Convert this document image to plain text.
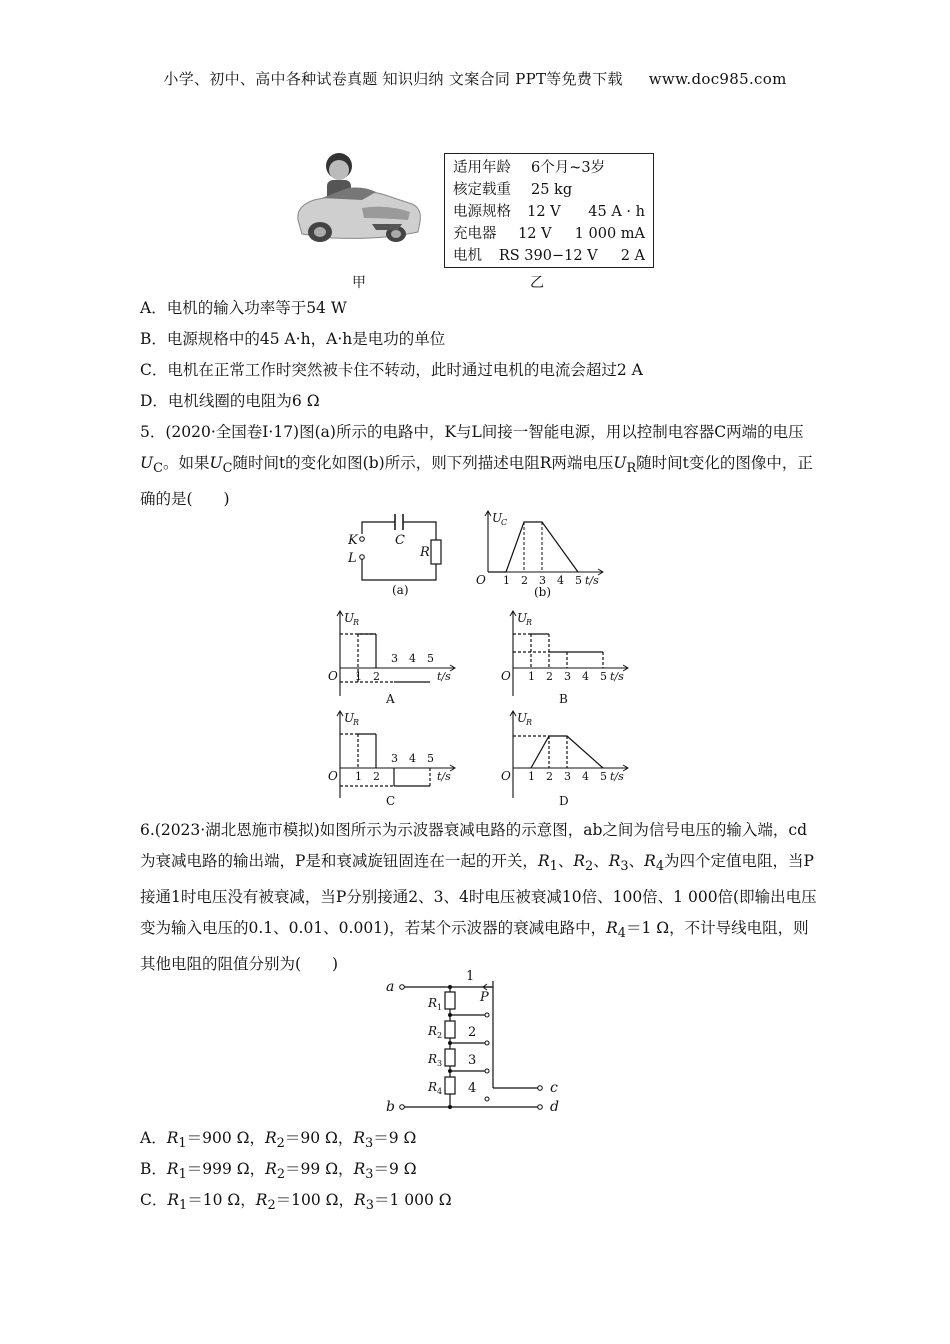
小学、初中、高中各种试卷真题 知识归纳 文案合同 PPT等免费下载 www.doc985.com
甲	乙
适用年龄	6个月~3岁
核定载重	25 kg
电源规格	12 V      45 A · h
充电器	12 V     1 000 mA
电机	RS 390−12 V     2 A
A．电机的输入功率等于54 W
B．电源规格中的45 A·h，A·h是电功的单位
C．电机在正常工作时突然被卡住不转动，此时通过电机的电流会超过2 A
D．电机线圈的电阻为6 Ω
5．(2020·全国卷Ⅰ·17)图(a)所示的电路中，K与L间接一智能电源，用以控制电容器C两端的电压$U_C$。如果$U_C$随时间t的变化如图(b)所示，则下列描述电阻R两端电压$U_R$随时间t变化的图像中，正确的是(　　)
K
L
C
R
(a)
U
C
O 1 2 3 4 5 t/s
(b)
U
R
O 1 2
3 4 5
t/s
A
U
R
O 1 2 3 4 5 t/s
B
U
R
O 1 2
3 4 5
t/s
C
U
R
O 1 2 3 4 5 t/s
D
6.(2023·湖北恩施市模拟)如图所示为示波器衰减电路的示意图，ab之间为信号电压的输入端，cd为衰减电路的输出端，P是和衰减旋钮固连在一起的开关，$R_1$、$R_2$、$R_3$、$R_4$为四个定值电阻，当P接通1时电压没有被衰减，当P分别接通2、3、4时电压被衰减10倍、100倍、1 000倍(即输出电压变为输入电压的0.1、0.01、0.001)，若某个示波器的衰减电路中，$R_4=1$ Ω，不计导线电阻，则其他电阻的阻值分别为(　　)
a
b
c
d
P
1
2
3
4
$R_1$
$R_2$
$R_3$
$R_4$
A．$R_1=900$ Ω，$R_2=90$ Ω，$R_3=9$ Ω
B．$R_1=999$ Ω，$R_2=99$ Ω，$R_3=9$ Ω
C．$R_1=10$ Ω，$R_2=100$ Ω，$R_3=1$ 000 Ω
